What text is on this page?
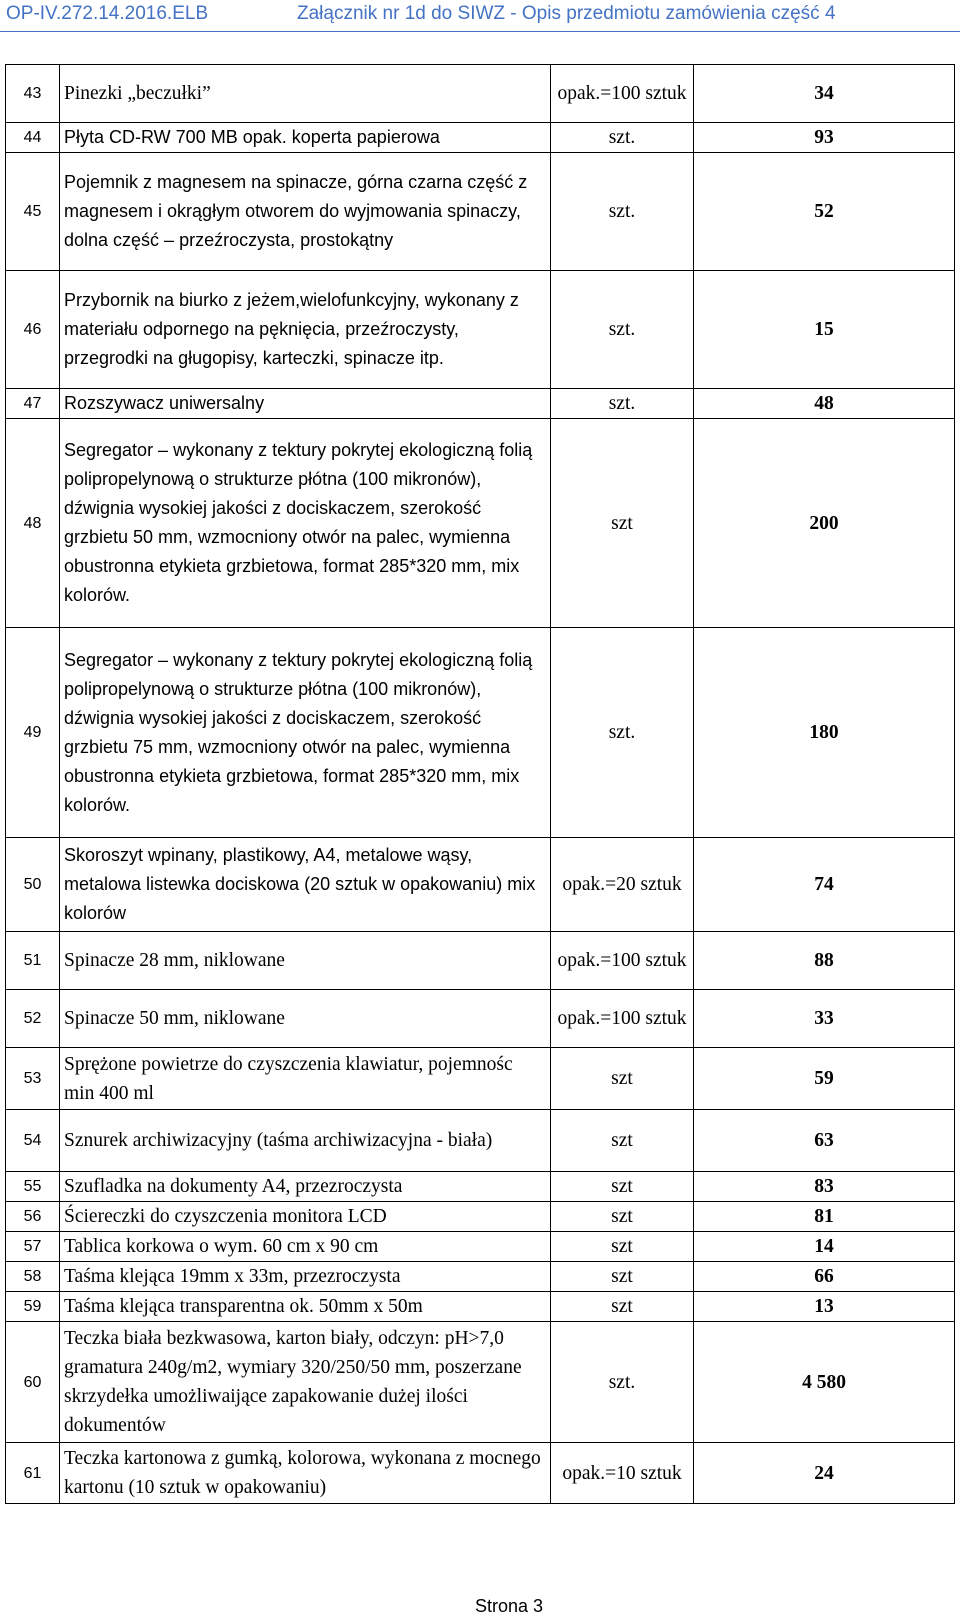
OP-IV.272.14.2016.ELB	Załącznik nr 1d do SIWZ - Opis przedmiotu zamówienia część 4
43	Pinezki „beczułki”	opak.=100 sztuk	34
44	Płyta CD-RW 700 MB opak. koperta papierowa	szt.	93
45	Pojemnik z magnesem na spinacze, górna czarna część z magnesem i okrągłym otworem do wyjmowania spinaczy, dolna część – przeźroczysta, prostokątny	szt.	52
46	Przybornik na biurko z jeżem,wielofunkcyjny, wykonany z materiału odpornego na pęknięcia, przeźroczysty, przegrodki na gługopisy, karteczki, spinacze itp.	szt.	15
47	Rozszywacz uniwersalny	szt.	48
48	Segregator – wykonany z tektury pokrytej ekologiczną folią polipropelynową o strukturze płótna (100 mikronów), dźwignia wysokiej jakości z dociskaczem, szerokość grzbietu 50 mm, wzmocniony otwór na palec, wymienna obustronna etykieta grzbietowa, format 285*320 mm, mix kolorów.	szt	200
49	Segregator – wykonany z tektury pokrytej ekologiczną folią polipropelynową o strukturze płótna (100 mikronów), dźwignia wysokiej jakości z dociskaczem, szerokość grzbietu 75 mm, wzmocniony otwór na palec, wymienna obustronna etykieta grzbietowa, format 285*320 mm, mix kolorów.	szt.	180
50	Skoroszyt wpinany, plastikowy, A4, metalowe wąsy, metalowa listewka dociskowa (20 sztuk w opakowaniu) mix kolorów	opak.=20 sztuk	74
51	Spinacze 28 mm, niklowane	opak.=100 sztuk	88
52	Spinacze 50 mm, niklowane	opak.=100 sztuk	33
53	Sprężone powietrze do czyszczenia klawiatur, pojemnośc min 400 ml	szt	59
54	Sznurek archiwizacyjny (taśma archiwizacyjna - biała)	szt	63
55	Szufladka na dokumenty A4, przezroczysta	szt	83
56	Ściereczki do czyszczenia monitora LCD	szt	81
57	Tablica korkowa o wym. 60 cm x 90 cm	szt	14
58	Taśma klejąca 19mm x 33m, przezroczysta	szt	66
59	Taśma klejąca transparentna ok. 50mm x 50m	szt	13
60	Teczka biała bezkwasowa, karton biały, odczyn: pH>7,0 gramatura 240g/m2, wymiary 320/250/50 mm, poszerzane skrzydełka umożliwaijące zapakowanie dużej ilości dokumentów	szt.	4 580
61	Teczka kartonowa z gumką, kolorowa, wykonana z mocnego kartonu (10 sztuk w opakowaniu)	opak.=10 sztuk	24
Strona 3
